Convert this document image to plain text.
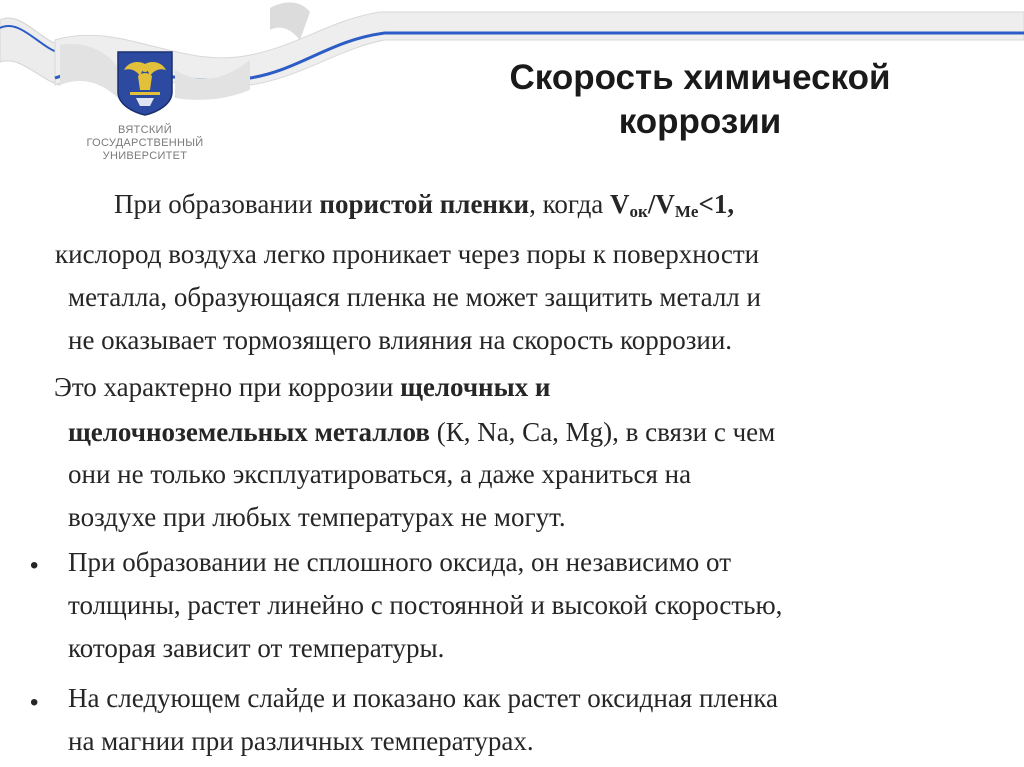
ВЯТСКИЙ
ГОСУДАРСТВЕННЫЙ
УНИВЕРСИТЕТ
Скорость химической
коррозии
При образовании пористой пленки, когда $V_{ок}/V_{Me}<1$,
кислород воздуха легко проникает через поры к поверхности
металла, образующаяся пленка не может защитить металл и
не оказывает тормозящего влияния на скорость коррозии.
Это характерно при коррозии щелочных и
щелочноземельных металлов (К, Na, Ca, Mg), в связи с чем
они не только эксплуатироваться, а даже храниться на
воздухе при любых температурах не могут.
• При образовании не сплошного оксида, он независимо от
толщины, растет линейно с постоянной и высокой скоростью,
которая зависит от температуры.
• На следующем слайде и показано как растет оксидная пленка
на магнии при различных температурах.
